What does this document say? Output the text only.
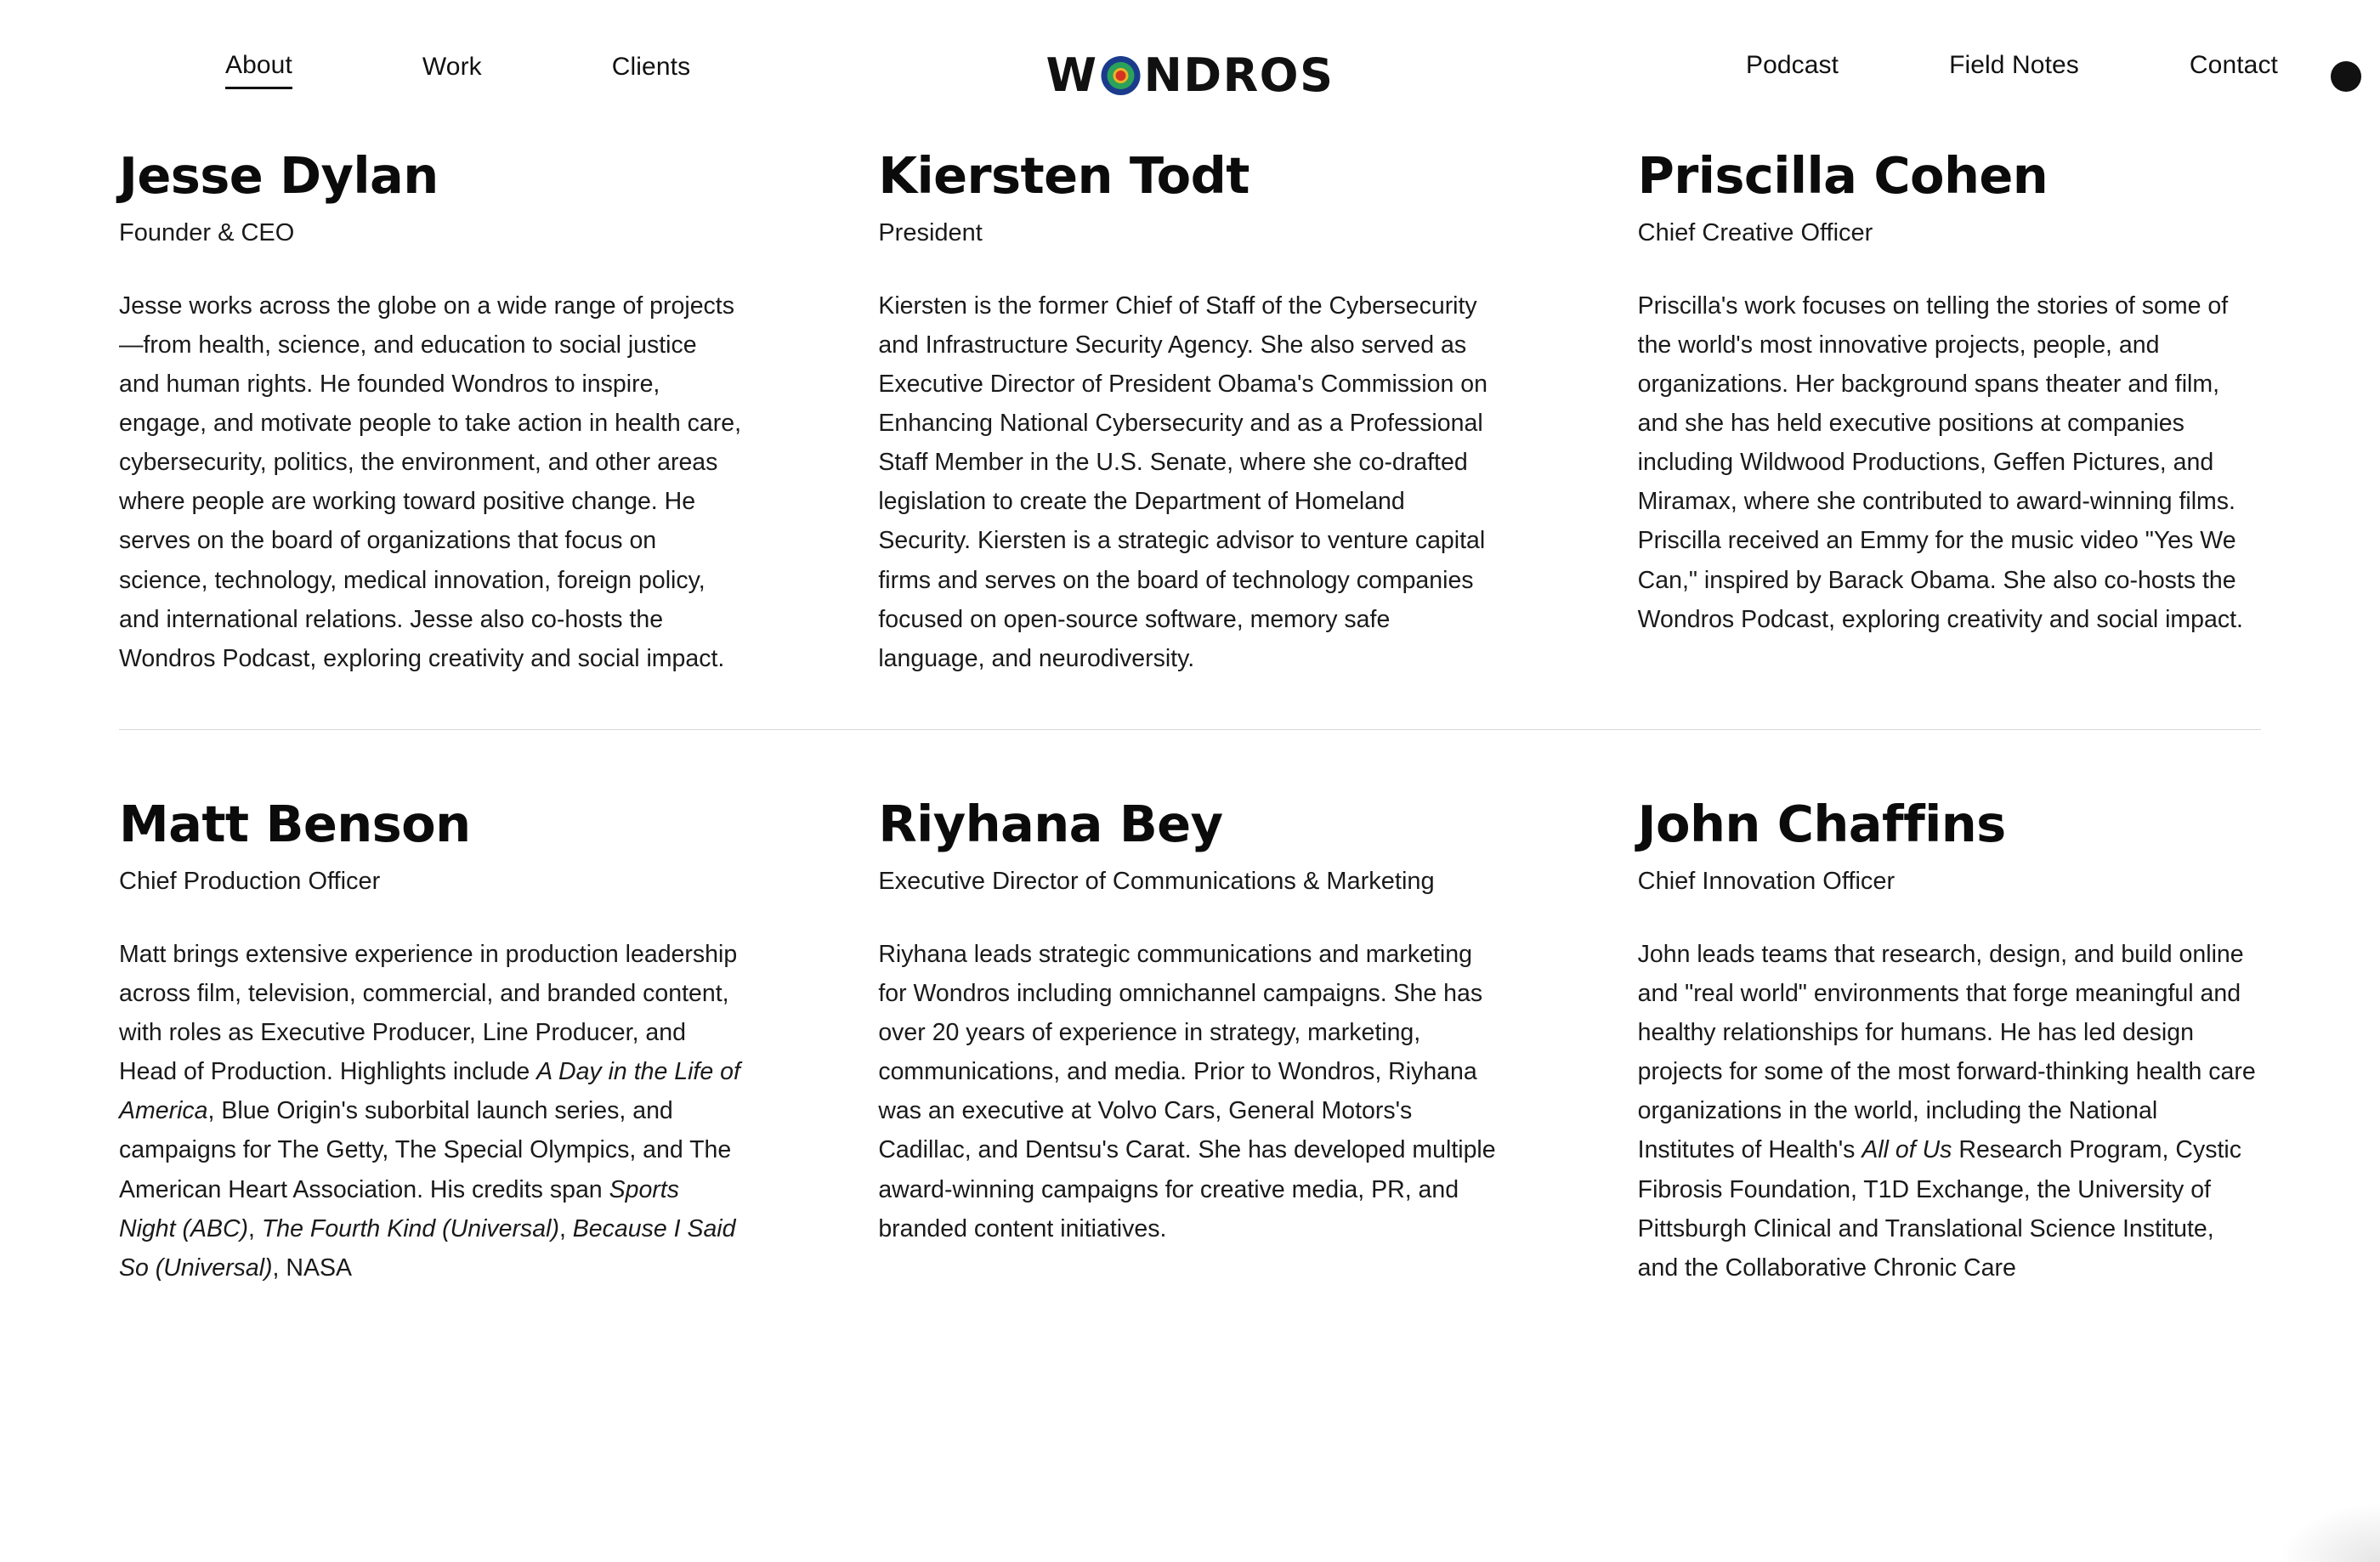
About	Work	Clients	W NDROS	Podcast	Field Notes	Contact
Jesse Dylan

Founder & CEO

Jesse works across the globe on a wide range of projects—from health, science, and education to social justice and human rights. He founded Wondros to inspire, engage, and motivate people to take action in health care, cybersecurity, politics, the environment, and other areas where people are working toward positive change. He serves on the board of organizations that focus on science, technology, medical innovation, foreign policy, and international relations. Jesse also co-hosts the Wondros Podcast, exploring creativity and social impact.

Kiersten Todt

President

Kiersten is the former Chief of Staff of the Cybersecurity and Infrastructure Security Agency. She also served as Executive Director of President Obama's Commission on Enhancing National Cybersecurity and as a Professional Staff Member in the U.S. Senate, where she co-drafted legislation to create the Department of Homeland Security. Kiersten is a strategic advisor to venture capital firms and serves on the board of technology companies focused on open-source software, memory safe language, and neurodiversity.

Priscilla Cohen

Chief Creative Officer

Priscilla's work focuses on telling the stories of some of the world's most innovative projects, people, and organizations. Her background spans theater and film, and she has held executive positions at companies including Wildwood Productions, Geffen Pictures, and Miramax, where she contributed to award-winning films. Priscilla received an Emmy for the music video "Yes We Can," inspired by Barack Obama. She also co-hosts the Wondros Podcast, exploring creativity and social impact.

Matt Benson

Chief Production Officer

Matt brings extensive experience in production leadership across film, television, commercial, and branded content, with roles as Executive Producer, Line Producer, and Head of Production. Highlights include A Day in the Life of America, Blue Origin's suborbital launch series, and campaigns for The Getty, The Special Olympics, and The American Heart Association. His credits span Sports Night (ABC), The Fourth Kind (Universal), Because I Said So (Universal), NASA

Riyhana Bey

Executive Director of Communications & Marketing

Riyhana leads strategic communications and marketing for Wondros including omnichannel campaigns. She has over 20 years of experience in strategy, marketing, communications, and media. Prior to Wondros, Riyhana was an executive at Volvo Cars, General Motors's Cadillac, and Dentsu's Carat. She has developed multiple award-winning campaigns for creative media, PR, and branded content initiatives.

John Chaffins

Chief Innovation Officer

John leads teams that research, design, and build online and "real world" environments that forge meaningful and healthy relationships for humans. He has led design projects for some of the most forward-thinking health care organizations in the world, including the National Institutes of Health's All of Us Research Program, Cystic Fibrosis Foundation, T1D Exchange, the University of Pittsburgh Clinical and Translational Science Institute, and the Collaborative Chronic Care
